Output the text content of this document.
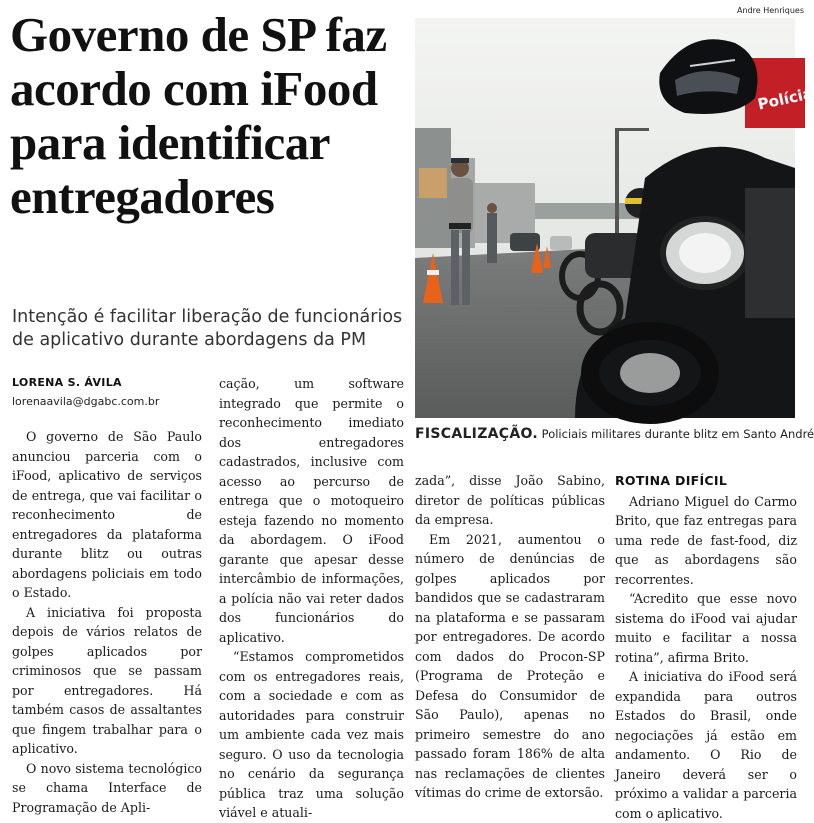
Governo de SP faz acordo com iFood para identificar entregadores

Intenção é facilitar liberação de funcionários de aplicativo durante abordagens da PM

LORENA S. ÁVILA
lorenaavila@dgabc.com.br
Andre Henriques
Polícia
FISCALIZAÇÃO. Policiais militares durante blitz em Santo André

O governo de São Paulo anunciou parceria com o iFood, aplicativo de serviços de entrega, que vai facilitar o reconhecimento de entregadores da plataforma durante blitz ou outras abordagens policiais em todo o Estado.

A iniciativa foi proposta depois de vários relatos de golpes aplicados por criminosos que se passam por entregadores. Há também casos de assaltantes que fingem trabalhar para o aplicativo.

O novo sistema tecnológico se chama Interface de Programação de Apli-

cação, um software integrado que permite o reconhecimento imediato dos entregadores cadastrados, inclusive com acesso ao percurso de entrega que o motoqueiro esteja fazendo no momento da abordagem. O iFood garante que apesar desse intercâmbio de informações, a polícia não vai reter dados dos funcionários do aplicativo.

“Estamos comprometidos com os entregadores reais, com a sociedade e com as autoridades para construir um ambiente cada vez mais seguro. O uso da tecnologia no cenário da segurança pública traz uma solução viável e atuali-

zada”, disse João Sabino, diretor de políticas públicas da empresa.

Em 2021, aumentou o número de denúncias de golpes aplicados por bandidos que se cadastraram na plataforma e se passaram por entregadores. De acordo com dados do Procon-SP (Programa de Proteção e Defesa do Consumidor de São Paulo), apenas no primeiro semestre do ano passado foram 186% de alta nas reclamações de clientes vítimas do crime de extorsão.

ROTINA DIFÍCIL

Adriano Miguel do Carmo Brito, que faz entregas para uma rede de fast-food, diz que as abordagens são recorrentes.

“Acredito que esse novo sistema do iFood vai ajudar muito e facilitar a nossa rotina”, afirma Brito.

A iniciativa do iFood será expandida para outros Estados do Brasil, onde negociações já estão em andamento. O Rio de Janeiro deverá ser o próximo a validar a parceria com o aplicativo.
